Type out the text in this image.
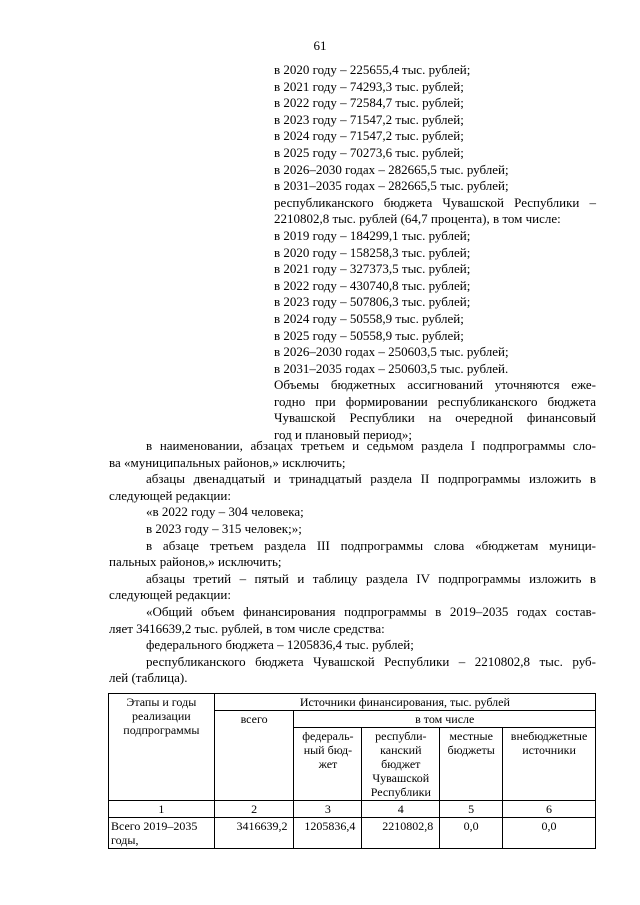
61
в 2020 году – 225655,4 тыс. рублей;
в 2021 году – 74293,3 тыс. рублей;
в 2022 году – 72584,7 тыс. рублей;
в 2023 году – 71547,2 тыс. рублей;
в 2024 году – 71547,2 тыс. рублей;
в 2025 году – 70273,6 тыс. рублей;
в 2026–2030 годах – 282665,5 тыс. рублей;
в 2031–2035 годах – 282665,5 тыс. рублей;
республиканского бюджета Чувашской Республики –
2210802,8 тыс. рублей (64,7 процента), в том числе:
в 2019 году – 184299,1 тыс. рублей;
в 2020 году – 158258,3 тыс. рублей;
в 2021 году – 327373,5 тыс. рублей;
в 2022 году – 430740,8 тыс. рублей;
в 2023 году – 507806,3 тыс. рублей;
в 2024 году – 50558,9 тыс. рублей;
в 2025 году – 50558,9 тыс. рублей;
в 2026–2030 годах – 250603,5 тыс. рублей;
в 2031–2035 годах – 250603,5 тыс. рублей.
Объемы бюджетных ассигнований уточняются еже-
годно при формировании республиканского бюджета
Чувашской Республики на очередной финансовый
год и плановый период»;
в наименовании, абзацах третьем и седьмом раздела I подпрограммы сло-
ва «муниципальных районов,» исключить;
абзацы двенадцатый и тринадцатый раздела II подпрограммы изложить в
следующей редакции:
«в 2022 году – 304 человека;
в 2023 году – 315 человек;»;
в абзаце третьем раздела III подпрограммы слова «бюджетам муници-
пальных районов,» исключить;
абзацы третий – пятый и таблицу раздела IV подпрограммы изложить в
следующей редакции:
«Общий объем финансирования подпрограммы в 2019–2035 годах состав-
ляет 3416639,2 тыс. рублей, в том числе средства:
федерального бюджета – 1205836,4 тыс. рублей;
республиканского бюджета Чувашской Республики – 2210802,8 тыс. руб-
лей (таблица).
Этапы и годы реализации подпрограммы	Источники финансирования, тыс. рублей				
	всего	в том числе			
		федераль-ный бюд-жет	республи-канский бюджет Чувашской Республики	местные бюджеты	внебюджетные источники
1	2	3	4	5	6
Всего 2019–2035 годы,	3416639,2	1205836,4	2210802,8	0,0	0,0
